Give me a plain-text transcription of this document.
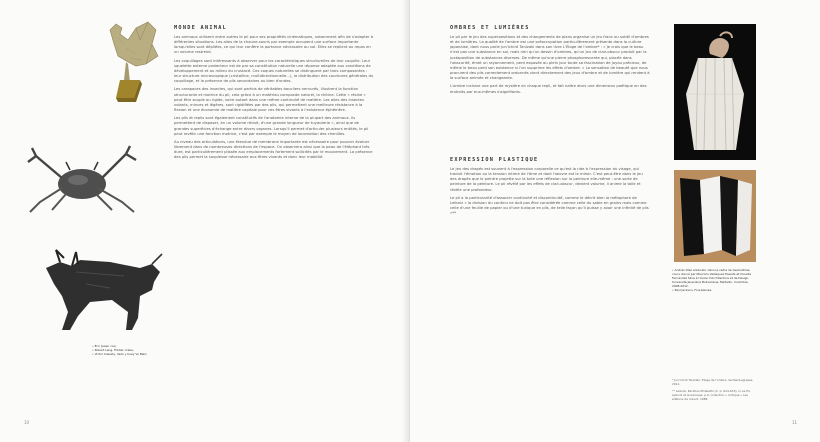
• Éric Joisel, coq.
• Robert Lang, Fiddler crabe,
• Victor Cassidy, Vezo y buey Vo Balin
MONDE ANIMAL

Les animaux utilisent entre autres le pli pour ses propriétés cinématiques, notamment afin de s'adapter à différentes situations. Les ailes de la chauve-souris par exemple occupent une surface importante lorsqu'elles sont dépliées, ce qui leur confère la portance nécessaire au vol. Elles se replient au repos en un volume restreint.

Les coquillages sont intéressants à observer pour les caractéristiques structurelles de leur coquille. Leur squelette externe protecteur est de par sa constitution naturelle une réponse adaptée aux conditions de développement et au milieu du crustacé. Ces coques naturelles se distinguent par trois composantes : leur structure microscopique (cristalline, multidirectionnelle…), la distribution des courbures générales du coquillage, et la présence de plis secondaires ou bien d'ondes.

Les carapaces des insectes, qui sont parfois de véritables boucliers nervurés, illustrent la fonction structurante et motrice du pli, cela grâce à un matériau composite naturel, la chitine. Cette « résine » peut être souple ou rigide, voire autant dans une même continuité de matière. Les ailes des insectes volants, minces et légères, sont rigidifiées par des plis, qui permettent une meilleure résistance à la flexion et une économie de matière capitale pour ces êtres vivants à l'existence éphémère.

Les plis et replis sont également constitutifs de l'anatomie interne de la plupart des animaux. Ils permettent de disposer, en un volume réduit, d'une grande longueur de tuyauterie », ainsi que de grandes superficies d'échange entre divers organes. Lorsqu'il permet d'articuler plusieurs entités, le pli peut revêtir une fonction motrice, c'est par exemple le moyen de locomotion des chenilles.

Au niveau des articulations, une étendue de membrane importante est nécessaire pour pouvoir évoluer librement dans de nombreuses directions de l'espace. On observera ainsi que la peau de l'éléphant très dure, est particulièrement plissée aux emplacements fortement sollicités par le mouvement. La présence des plis permet la souplesse nécessaire aux êtres vivants et donc leur mobilité.

10
OMBRES ET LUMIÈRES

Le pli par le jeu des superpositions et des changements de plans organise un jeu franc ou subtil d'ombres et de lumières. La qualité de l'ombre est une préoccupation particulièrement présente dans la culture japonaise, dont nous parle Jun'ichirō Tanizaki dans son livre L'Éloge de l'ombre* : « Je crois que le beau n'est pas une substance en soi, mais rien qu'un dessin d'ombres, qu'un jeu de clair-obscur produit par la juxtaposition de substances diverses. De même qu'une pierre phosphorescente qui, placée dans l'obscurité, émet un rayonnement, perd exposée au plein jour toute sa fascination de joyau précieux, de même le beau perd son existence si l'on supprime les effets d'ombre. » La sensation de beauté que nous procurent des plis correctement ordonnés vient directement des jeux d'ombre et de lumière qui rendent à la surface animée et changeante.

L'ombre incisive une part de mystère en chaque repli, et fait naître alors une dimension poétique en des endroits par eux-mêmes insignifiants.

EXPRESSION PLASTIQUE

Le jeu des drapés est souvent à l'expression corporelle ce qu'est la ride à l'expression du visage, qui traduit l'émotion ou la tension intime de l'âme et dont l'œuvre est le miroir. C'est peut-être dans le jeu des drapés que le peintre projette sur la toile une réflexion sur la peinture elle-même : une sorte de peinture de la peinture. Le pli révélé par les effets de clair-obscur, devient volume, il anime la toile et révèle une profondeur.

Le pli a la particularité d'associer continuité et discontinuité, comme le décrit bien la métaphore de Leibniz « la division du continu ne doit pas être considérée comme celle du sable en grains mais comme celle d'une feuille de papier ou d'une tunique en plis, de telle façon qu'il puisse y avoir une infinité de plis »**

• Andrés Díaz Adulinski, dans le cadre de Geometrías, cours donné par Mauricio Velásquez Posada et Claudia Fernández Silva à l'école d'Architecture et de Design, Université Javeriana Bolivariana, Medellin, Colombie, 2008-2012.
• Paul Jackson, Fourpleines.

* Jun'ichirō Tanizaki, Éloge de l'ombre, Verdier/Lagrasse, 2011.

** Leibniz, Pacidius Philalethi (C, p. 614-615), in Le Pli, Leibniz et le baroque, p.9, collection « Critique » Les éditions de minuit, 1988.

11
